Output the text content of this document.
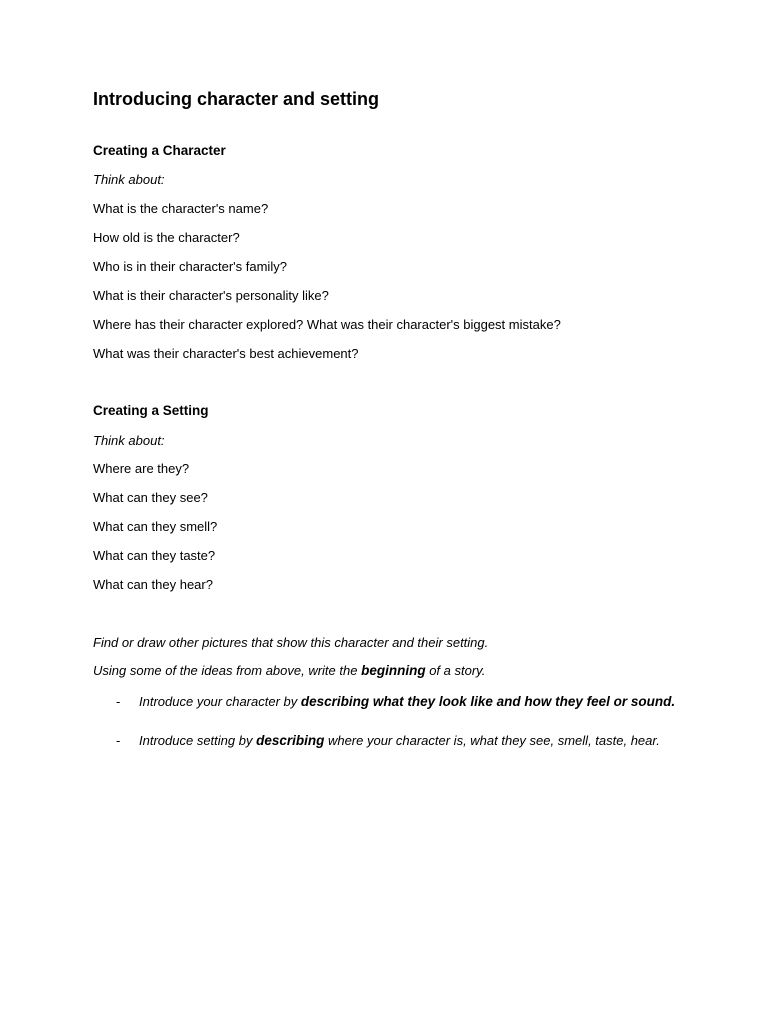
Introducing character and setting
Creating a Character
Think about:
What is the character's name?
How old is the character?
Who is in their character's family?
What is their character's personality like?
Where has their character explored? What was their character's biggest mistake?
What was their character's best achievement?
Creating a Setting
Think about:
Where are they?
What can they see?
What can they smell?
What can they taste?
What can they hear?
Find or draw other pictures that show this character and their setting.
Using some of the ideas from above, write the beginning of a story.
- Introduce your character by describing what they look like and how they feel or sound.
- Introduce setting by describing where your character is, what they see, smell, taste, hear.
